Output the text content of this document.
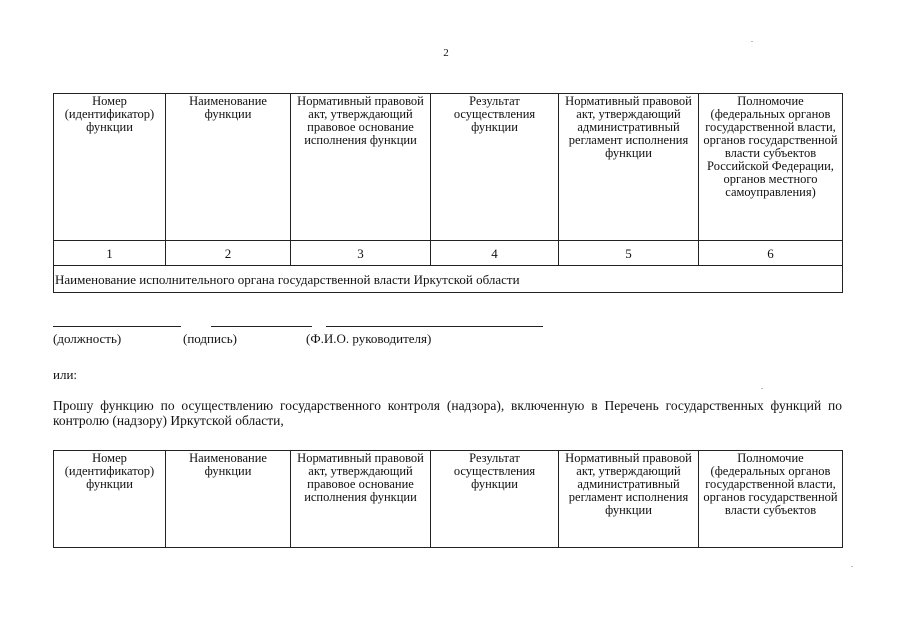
2
Номер (идентификатор) функции	Наименование функции	Нормативный правовой акт, утверждающий правовое основание исполнения функции	Результат осуществления функции	Нормативный правовой акт, утверждающий административный регламент исполнения функции	Полномочие (федеральных органов государственной власти, органов государственной власти субъектов Российской Федерации, органов местного самоуправления)
1	2	3	4	5	6
Наименование исполнительного органа государственной власти Иркутской области					
(должность)	(подпись)	(Ф.И.О. руководителя)
или:
Прошу функцию по осуществлению государственного контроля (надзора), включенную в Перечень государственных функций по контролю (надзору) Иркутской области,
Номер (идентификатор) функции	Наименование функции	Нормативный правовой акт, утверждающий правовое основание исполнения функции	Результат осуществления функции	Нормативный правовой акт, утверждающий административный регламент исполнения функции	Полномочие (федеральных органов государственной власти, органов государственной власти субъектов
